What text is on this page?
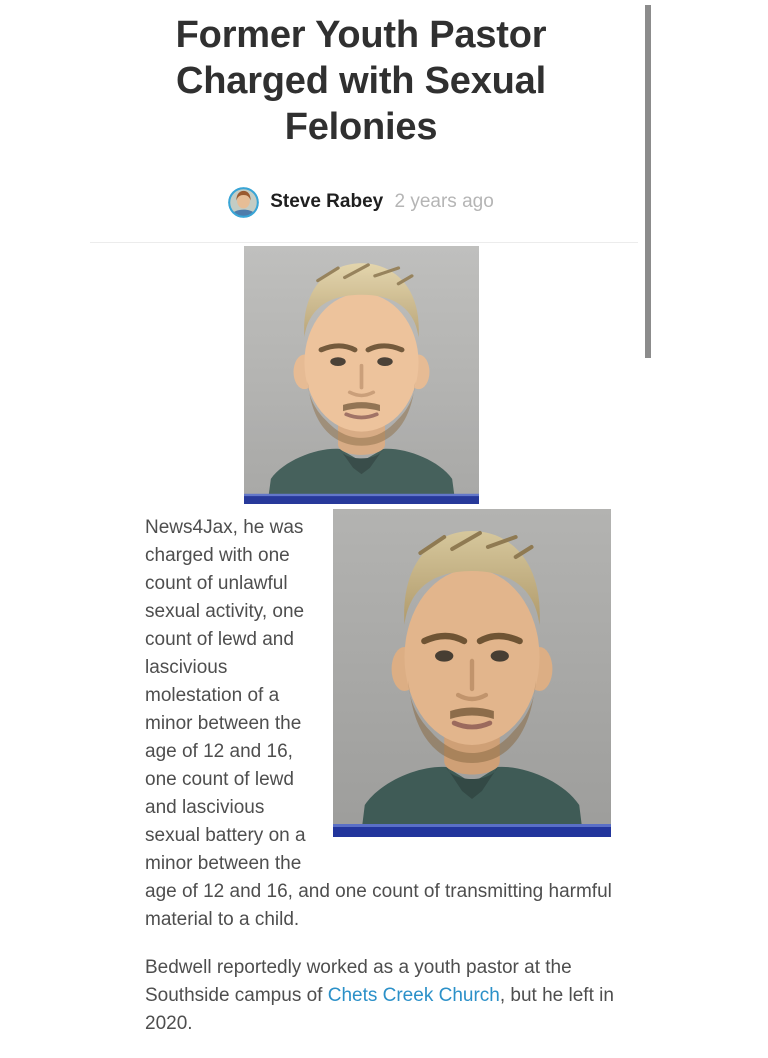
Former Youth Pastor Charged with Sexual Felonies
Steve Rabey 2 years ago

News4Jax, he was charged with one count of unlawful sexual activity, one count of lewd and lascivious molestation of a minor between the age of 12 and 16, one count of lewd and lascivious sexual battery on a minor between the age of 12 and 16, and one count of transmitting harmful material to a child.

Bedwell reportedly worked as a youth pastor at the Southside campus of Chets Creek Church, but he left in 2020.
